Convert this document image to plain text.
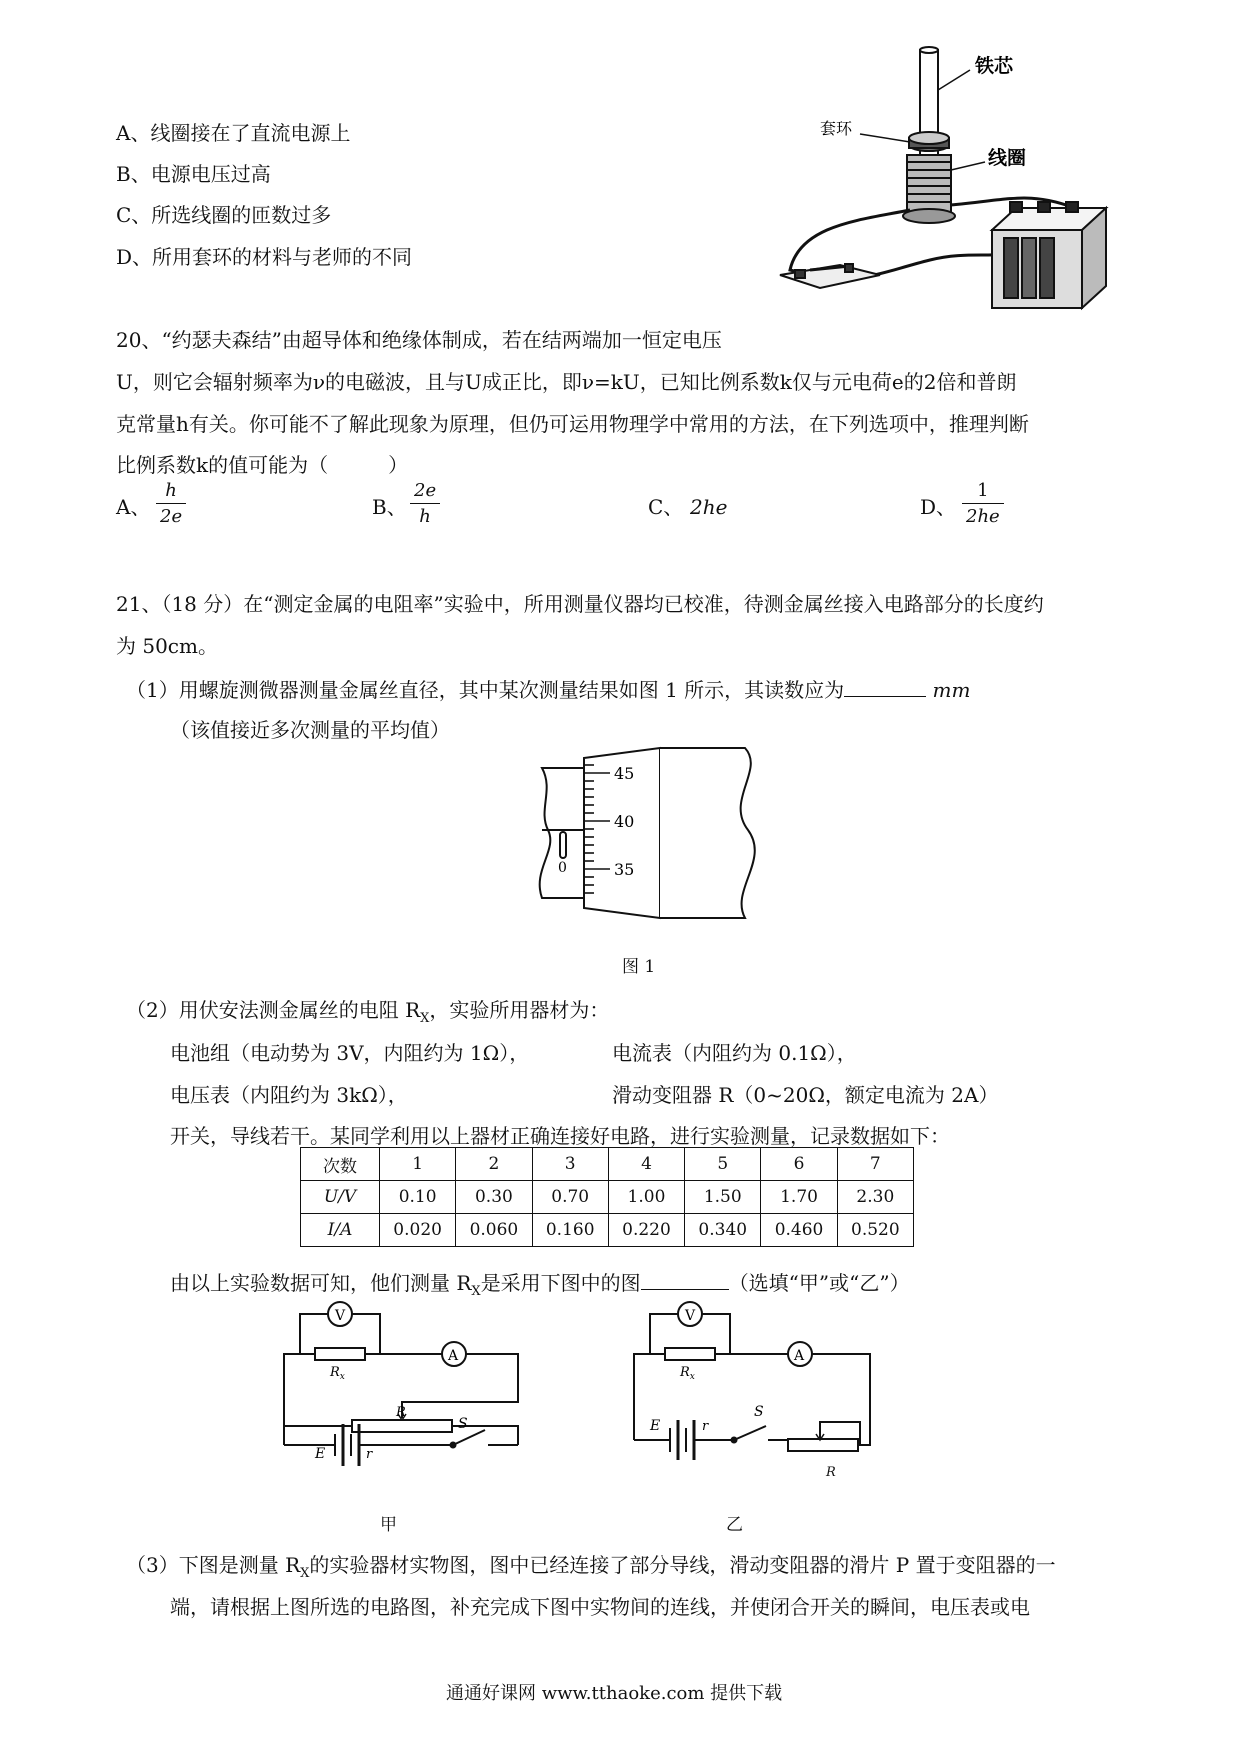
A、线圈接在了直流电源上
B、电源电压过高
C、所选线圈的匝数过多
D、所用套环的材料与老师的不同
铁芯
套环
线圈
20、“约瑟夫森结”由超导体和绝缘体制成，若在结两端加一恒定电压
U，则它会辐射频率为ν的电磁波，且与U成正比，即ν=kU，已知比例系数k仅与元电荷e的2倍和普朗
克常量h有关。你可能不了解此现象为原理，但仍可运用物理学中常用的方法，在下列选项中，推理判断
比例系数k的值可能为（　　　）
A、 $\frac{h}{2e}$	B、 $\frac{2e}{h}$	C、 2he	D、 $\frac{1}{2he}$
21、（18 分）在“测定金属的电阻率”实验中，所用测量仪器均已校准，待测金属丝接入电路部分的长度约
为 50cm。
（1）用螺旋测微器测量金属丝直径，其中某次测量结果如图 1 所示，其读数应为	mm
（该值接近多次测量的平均值）
45
40
35
0
图 1
（2）用伏安法测金属丝的电阻 $R_X$，实验所用器材为：
电池组（电动势为 3V，内阻约为 1Ω），	电流表（内阻约为 0.1Ω），
电压表（内阻约为 3kΩ），	滑动变阻器 R（0~20Ω，额定电流为 2A）
开关，导线若干。某同学利用以上器材正确连接好电路，进行实验测量，记录数据如下：
次数	1	2	3	4	5	6	7
U/V	0.10	0.30	0.70	1.00	1.50	1.70	2.30
I/A	0.020	0.060	0.160	0.220	0.340	0.460	0.520
由以上实验数据可知，他们测量 $R_X$是采用下图中的图	（选填“甲”或“乙”）
V
A
$R_x$
R
S
E	r
甲
V
A
$R_x$
S
E	r
乙
R
（3）下图是测量 $R_X$的实验器材实物图，图中已经连接了部分导线，滑动变阻器的滑片 P 置于变阻器的一
端，请根据上图所选的电路图，补充完成下图中实物间的连线，并使闭合开关的瞬间，电压表或电
通通好课网 www.tthaoke.com 提供下载
